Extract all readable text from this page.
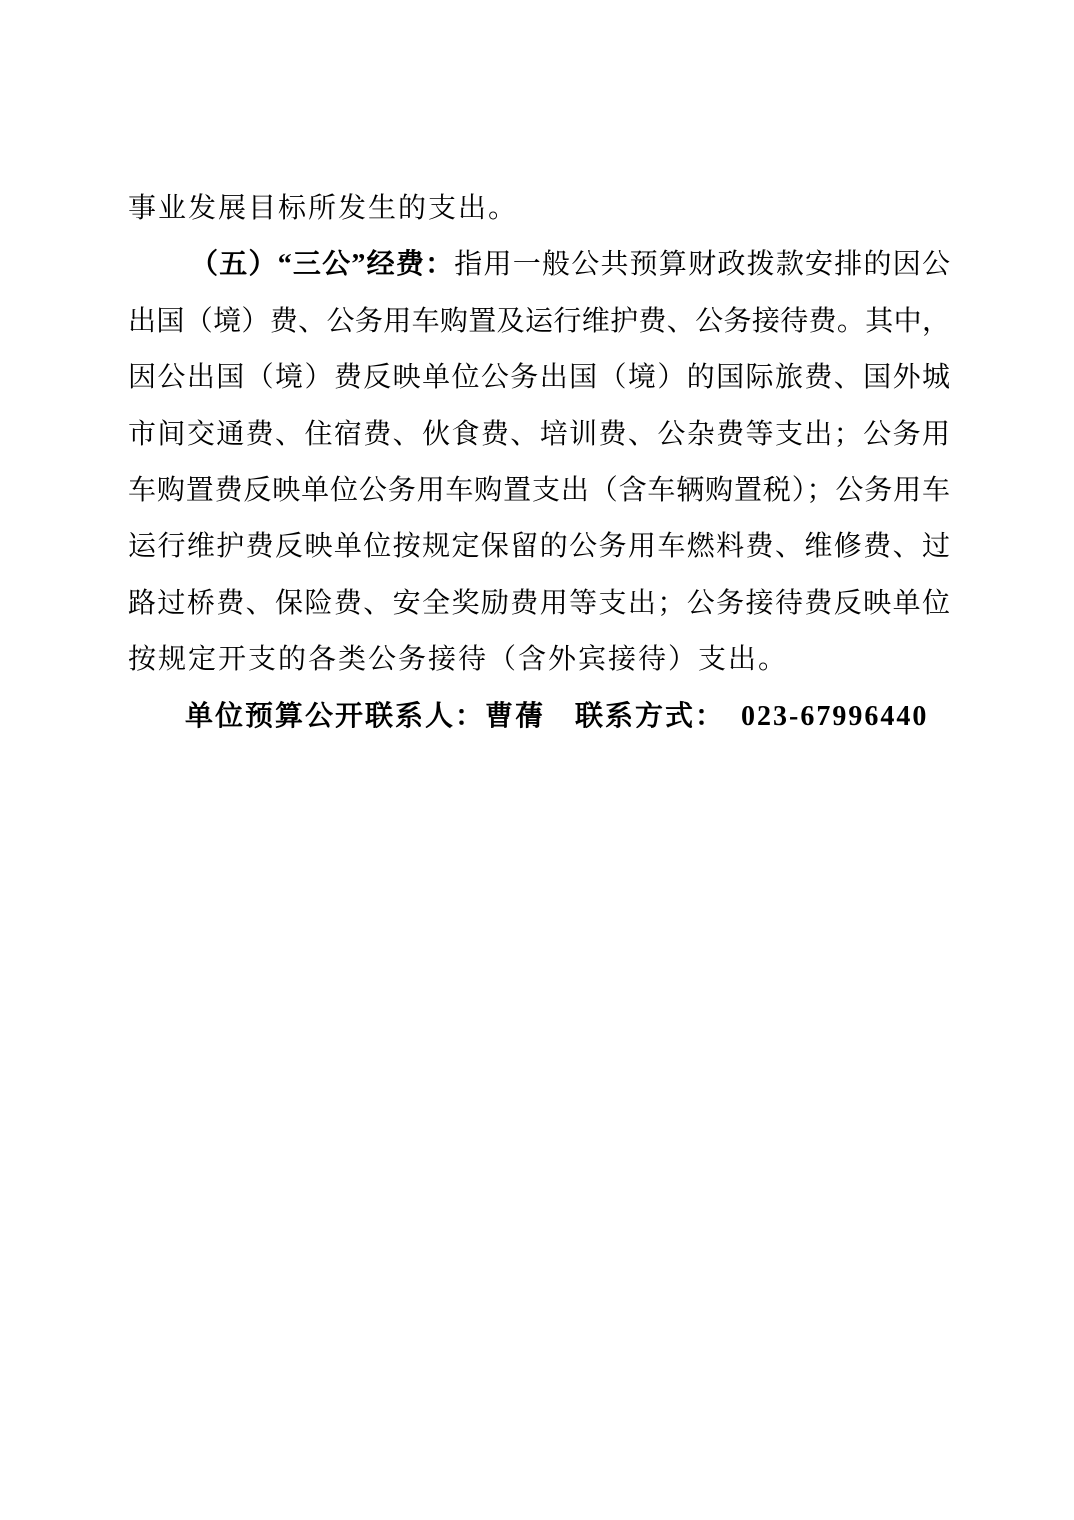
事业发展目标所发生的支出。
（五）“三公”经费：指用一般公共预算财政拨款安排的因公
出国（境）费、公务用车购置及运行维护费、公务接待费。其中，
因公出国（境）费反映单位公务出国（境）的国际旅费、国外城
市间交通费、住宿费、伙食费、培训费、公杂费等支出；公务用
车购置费反映单位公务用车购置支出（含车辆购置税）；公务用车
运行维护费反映单位按规定保留的公务用车燃料费、维修费、过
路过桥费、保险费、安全奖励费用等支出；公务接待费反映单位
按规定开支的各类公务接待（含外宾接待）支出。
单位预算公开联系人：曹蒨　联系方式：　023-67996440
